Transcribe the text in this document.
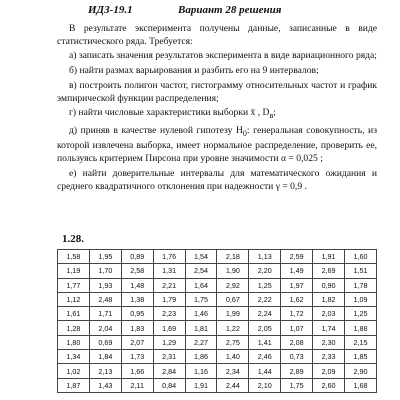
ИДЗ-19.1	Вариант 28 решения

В результате эксперимента получены данные, записанные в виде статистического ряда. Требуется:

а) записать значения результатов эксперимента в виде вариационного ряда;

б) найти размах варьирования и разбить его на 9 интервалов;

в) построить полигон частот, гистограмму относительных частот и график эмпирической функции распределения;

г) найти числовые характеристики выборки x̄ , $D_в$;

д) приняв в качестве нулевой гипотезу $H_0$: генеральная совокупность, из которой извлечена выборка, имеет нормальное распределение, проверить ее, пользуясь критерием Пирсона при уровне значимости α = 0,025 ;

е) найти доверительные интервалы для математического ожидания и среднего квадратичного отклонения при надежности γ = 0,9 .

1.28.
1,58	1,95	0,89	1,76	1,54	2,18	1,13	2,59	1,91	1,60
1,19	1,70	2,58	1,31	2,54	1,90	2,20	1,49	2,69	1,51
1,77	1,93	1,48	2,21	1,64	2,92	1,25	1,97	0,90	1,78
1,12	2,48	1,38	1,79	1,75	0,67	2,22	1,62	1,82	1,09
1,61	1,71	0,95	2,23	1,46	1,99	2,24	1,72	2,03	1,25
1,28	2,04	1,83	1,69	1,81	1,22	2,05	1,07	1,74	1,88
1,80	0,69	2,07	1,29	2,27	2,75	1,41	2,08	2,30	2,15
1,34	1,84	1,73	2,31	1,86	1,40	2,46	0,73	2,33	1,85
1,02	2,13	1,66	2,84	1,16	2,34	1,44	2,89	2,09	2,90
1,87	1,43	2,11	0,84	1,91	2,44	2,10	1,75	2,60	1,68
